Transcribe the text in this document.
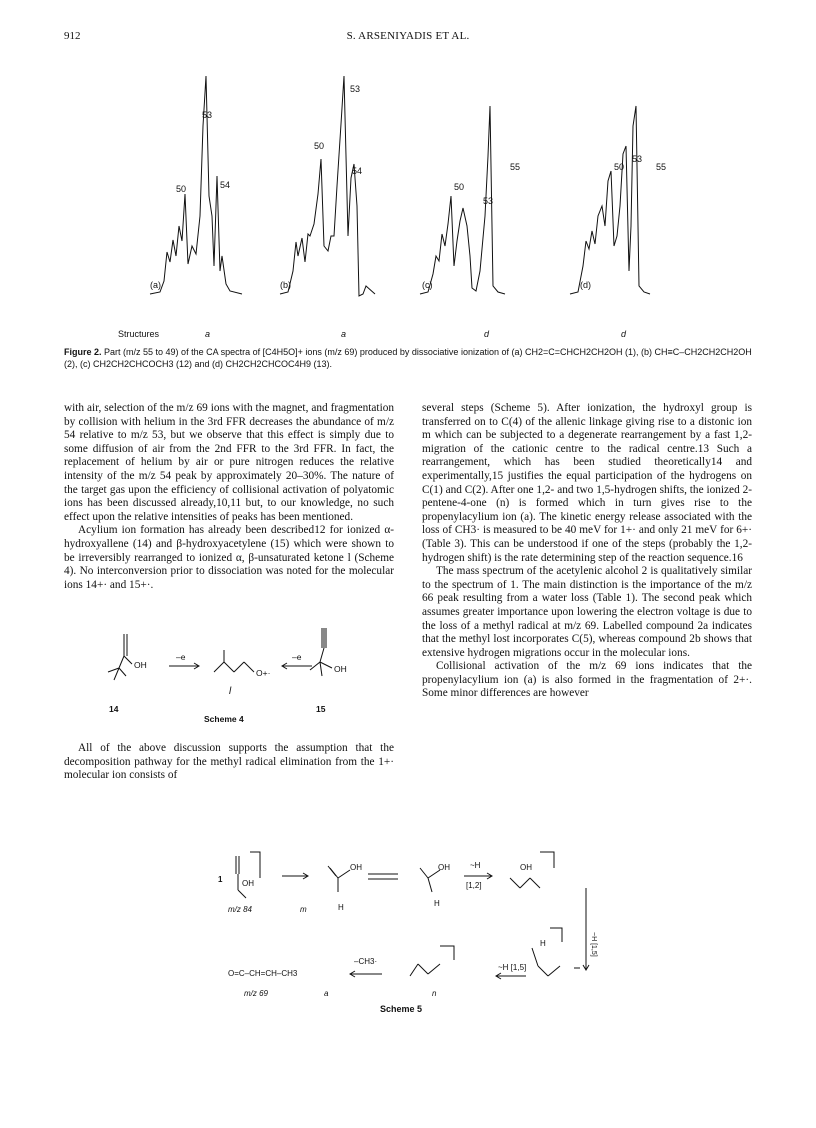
912	S. ARSENIYADIS ET AL.
50
53
54
50
53
54
50
53
55	50
53
55
(a)	(b)	(c)	(d)
Structures	a	a	d	d
Figure 2. Part (m/z 55 to 49) of the CA spectra of [C4H5O]+ ions (m/z 69) produced by dissociative ionization of (a) CH2=C=CHCH2CH2OH (1), (b) CH≡C–CH2CH2CH2OH (2), (c) CH2CH2CHCOCH3 (12) and (d) CH2CH2CHCOC4H9 (13).

with air, selection of the m/z 69 ions with the magnet, and fragmentation by collision with helium in the 3rd FFR decreases the abundance of m/z 54 relative to m/z 53, but we observe that this effect is simply due to some diffusion of air from the 2nd FFR to the 3rd FFR. In fact, the replacement of helium by air or pure nitrogen reduces the relative intensity of the m/z 54 peak by approximately 20–30%. The nature of the target gas upon the efficiency of collisional activation of polyatomic ions has been discussed already,10,11 but, to our knowledge, no such effect upon the relative intensities of peaks has been mentioned.

Acylium ion formation has already been described12 for ionized α-hydroxyallene (14) and β-hydroxyacetylene (15) which were shown to be irreversibly rearranged to ionized α, β-unsaturated ketone l (Scheme 4). No interconversion prior to dissociation was noted for the molecular ions 14+· and 15+·.

OH
–e
O+·
–e
OH
l
14	15
Scheme 4

All of the above discussion supports the assumption that the decomposition pathway for the methyl radical elimination from the 1+· molecular ion consists of

several steps (Scheme 5). After ionization, the hydroxyl group is transferred on to C(4) of the allenic linkage giving rise to a distonic ion m which can be subjected to a degenerate rearrangement by a fast 1,2-migration of the cationic centre to the radical centre.13 Such a rearrangement, which has been studied theoretically14 and experimentally,15 justifies the equal participation of the hydrogens on C(1) and C(2). After one 1,2- and two 1,5-hydrogen shifts, the ionized 2-pentene-4-one (n) is formed which in turn gives rise to the propenylacylium ion (a). The kinetic energy release associated with the loss of CH3· is measured to be 40 meV for 1+· and only 21 meV for 6+· (Table 3). This can be understood if one of the steps (probably the 1,2-hydrogen shift) is the rate determining step of the reaction sequence.16

The mass spectrum of the acetylenic alcohol 2 is qualitatively similar to the spectrum of 1. The main distinction is the importance of the m/z 66 peak resulting from a water loss (Table 1). The second peak which assumes greater importance upon lowering the electron voltage is due to the loss of a methyl radical at m/z 69. Labelled compound 2a indicates that the methyl lost incorporates C(5), whereas compound 2b shows that extensive hydrogen migrations occur in the molecular ions.

Collisional activation of the m/z 69 ions indicates that the propenylacylium ion (a) is also formed in the fragmentation of 2+·. Some minor differences are however

1 OH
m/z 84	m	H
OH	OH
H
~H
[1,2]
OH
~H [1,5]
H
~H [1,5]
–CH3·
O=C–CH=CH–CH3
m/z 69	a	n
Scheme 5
